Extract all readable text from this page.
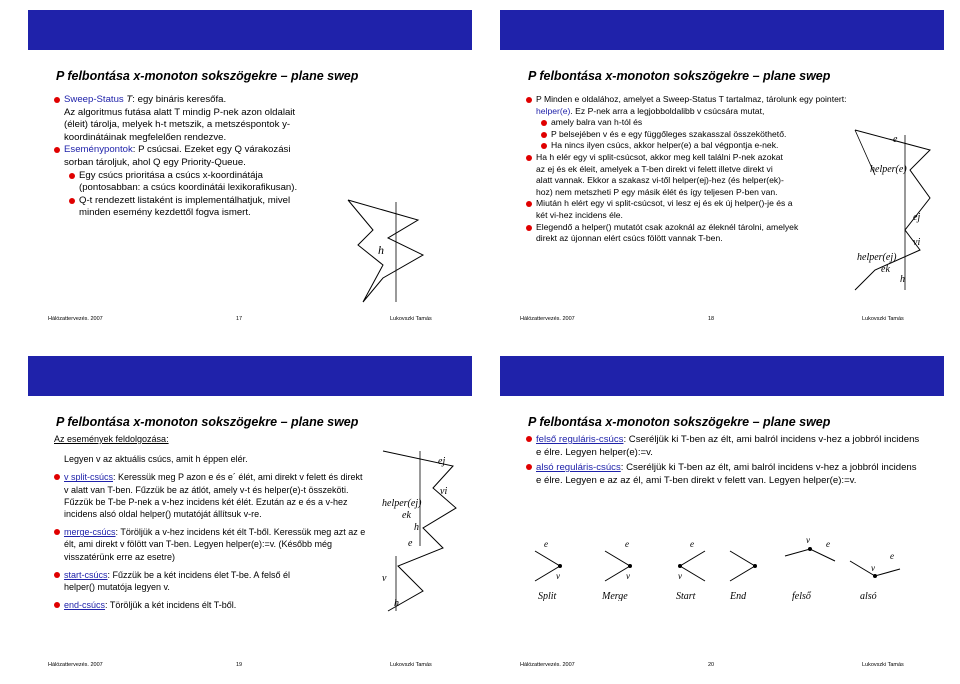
P felbontása x-monoton sokszögekre – plane swep

Sweep-Status T: egy bináris keresőfa.

Az algoritmus futása alatt T mindig P-nek azon oldalait (éleit) tárolja, melyek h-t metszik, a metszéspontok y-koordinátáinak megfelelően rendezve.

Eseménypontok: P csúcsai. Ezeket egy Q várakozási sorban tároljuk, ahol Q egy Priority-Queue.

Egy csúcs prioritása a csúcs x-koordinátája (pontosabban: a csúcs koordinátái lexikorafikusan).

Q-t rendezett listaként is implementálhatjuk, mivel minden esemény kezdettől fogva ismert.

h
Hálózattervezés, 2007	17	Lukovszki Tamás
P felbontása x-monoton sokszögekre – plane swep

P Minden e oldalához, amelyet a Sweep-Status T tartalmaz, tárolunk egy pointert: helper(e). Ez P-nek arra a legjobboldalibb v csúcsára mutat,

amely balra van h-tól és

P belsejében v és e egy függőleges szakasszal összeköthető.

Ha nincs ilyen csúcs, akkor helper(e) a bal végpontja e-nek.

Ha h elér egy vi split-csúcsot, akkor meg kell találni P-nek azokat az ej és ek éleit, amelyek a T-ben direkt vi felett illetve direkt vi alatt vannak. Ekkor a szakasz vi-től helper(ej)-hez (és helper(ek)-hoz) nem metszheti P egy másik élét és így teljesen P-ben van.

Miután h elért egy vi split-csúcsot, vi lesz ej és ek új helper()-je és a két vi-hez incidens éle.

Elegendő a helper() mutatót csak azoknál az éleknél tárolni, amelyek direkt az újonnan elért csúcs fölött vannak T-ben.

e
helper(e)
ej
vi
helper(ej)
ek
h
Hálózattervezés, 2007	18	Lukovszki Tamás
P felbontása x-monoton sokszögekre – plane swep

Az események feldolgozása:

Legyen v az aktuális csúcs, amit h éppen elér.

v split-csúcs: Keressük meg P azon e és e´ élét, ami direkt v felett és direkt v alatt van T-ben. Fűzzük be az átlót, amely v-t és helper(e)-t összeköti. Fűzzük be T-be P-nek a v-hez incidens két élét. Ezután az e és a v-hez incidens alsó oldal helper() mutatóját állítsuk v-re.

merge-csúcs: Töröljük a v-hez incidens két élt T-ből. Keressük meg azt az e élt, ami direkt v fölött van T-ben. Legyen helper(e):=v. (Később még visszatérünk erre az esetre)

start-csúcs: Fűzzük be a két incidens élet T-be. A felső él helper() mutatója legyen v.

end-csúcs: Töröljük a két incidens élt T-ből.

ej
vi
helper(ej)
ek
h
e
v
h
Hálózattervezés, 2007	19	Lukovszki Tamás
P felbontása x-monoton sokszögekre – plane swep

felső reguláris-csúcs: Cseréljük ki T-ben az élt, ami balról incidens v-hez a jobbról incidens e élre. Legyen helper(e):=v.

alsó reguláris-csúcs: Cseréljük ki T-ben az élt, ami balról incidens v-hez a jobbról incidens e élre. Legyen e az az él, ami T-ben direkt v felett van. Legyen helper(e):=v.

e
v
e
v
e
v
v e
v
e
Split	Merge	Start	End	felső	alsó
Hálózattervezés, 2007	20	Lukovszki Tamás
